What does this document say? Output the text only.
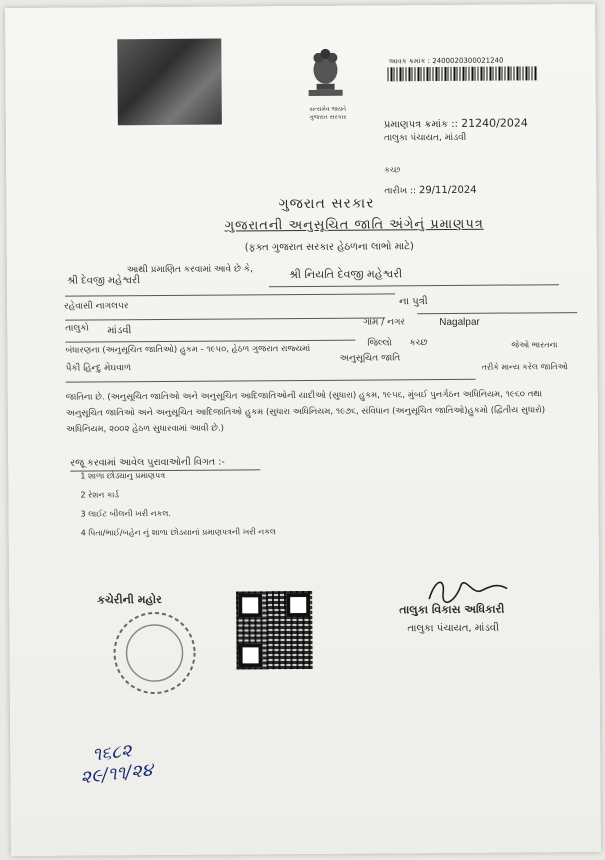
સત્યમેવ જયતે
ગુજરાત સરકાર
આવક ક્રમાંક : 2400020300021240
પ્રમાણપત્ર ક્રમાંક :: 21240/2024
તાલુકા પંચાયત, માંડવી
કચ્છ
તારીખ :: 29/11/2024
ગુજરાત સરકાર
ગુજરાતની અનુસૂચિત જાતિ અંગેનું પ્રમાણપત્ર
(ફક્ત ગુજરાત સરકાર હેઠળના લાભો માટે)
આથી પ્રમાણિત કરવામાં આવે છે કે,	શ્રી નિયતિ દેવજી મહેશ્વરી
શ્રી દેવજી મહેશ્વરી
ના પુત્રી
રહેવાસી નાગલપર
ગામ / નગર	Nagalpar
તાલુકો માંડવી
જિલ્લો કચ્છ	જેઓ ભારતના
બંધારણના (અનુસૂચિત જાતિઓ) હુકમ - ૧૯૫૦, હેઠળ ગુજરાત રાજ્યમાં
અનુસૂચિત જાતિ
તરીકે માન્ય કરેલ જાતિઓ
પૈકી હિન્દુ મેઘવાળ
જાતિના છે. (અનુસૂચિત જાતિઓ અને અનુસૂચિત આદિજાતિઓની યાદીઓ (સુધારા) હુકમ, ૧૯૫૬, મુંબઈ પુનર્ગઠન અધિનિયમ, ૧૯૬૦ તથા અનુસૂચિત જાતિઓ અને અનુસૂચિત આદિજાતિઓ હુકમ (સુધારા અધિનિયમ, ૧૯૭૬, સંવિધાન (અનુસૂચિત જાતિઓ)હુકમો (દ્વિતીય સુધારો) અધિનિયમ, ૨૦૦૨ હેઠળ સુધારવામાં આવી છે.)
રજૂ કરવામાં આવેલ પુરાવાઓની વિગત :-
1 શાળા છોડ્યાનુ પ્રમાણપત્ર
2 રેશન કાર્ડ
3 લાઈટ બીલની ખરી નકલ.
4 પિતા/ભાઈ/બહેન નું શાળા છોડયાનાં પ્રમાણપત્રની ખરી નકલ
કચેરીની મહોર
તાલુકા વિકાસ અધિકારી
તાલુકા પંચાયત, માંડવી
૧૬૮૨
૨૯/૧૧/૨૪
